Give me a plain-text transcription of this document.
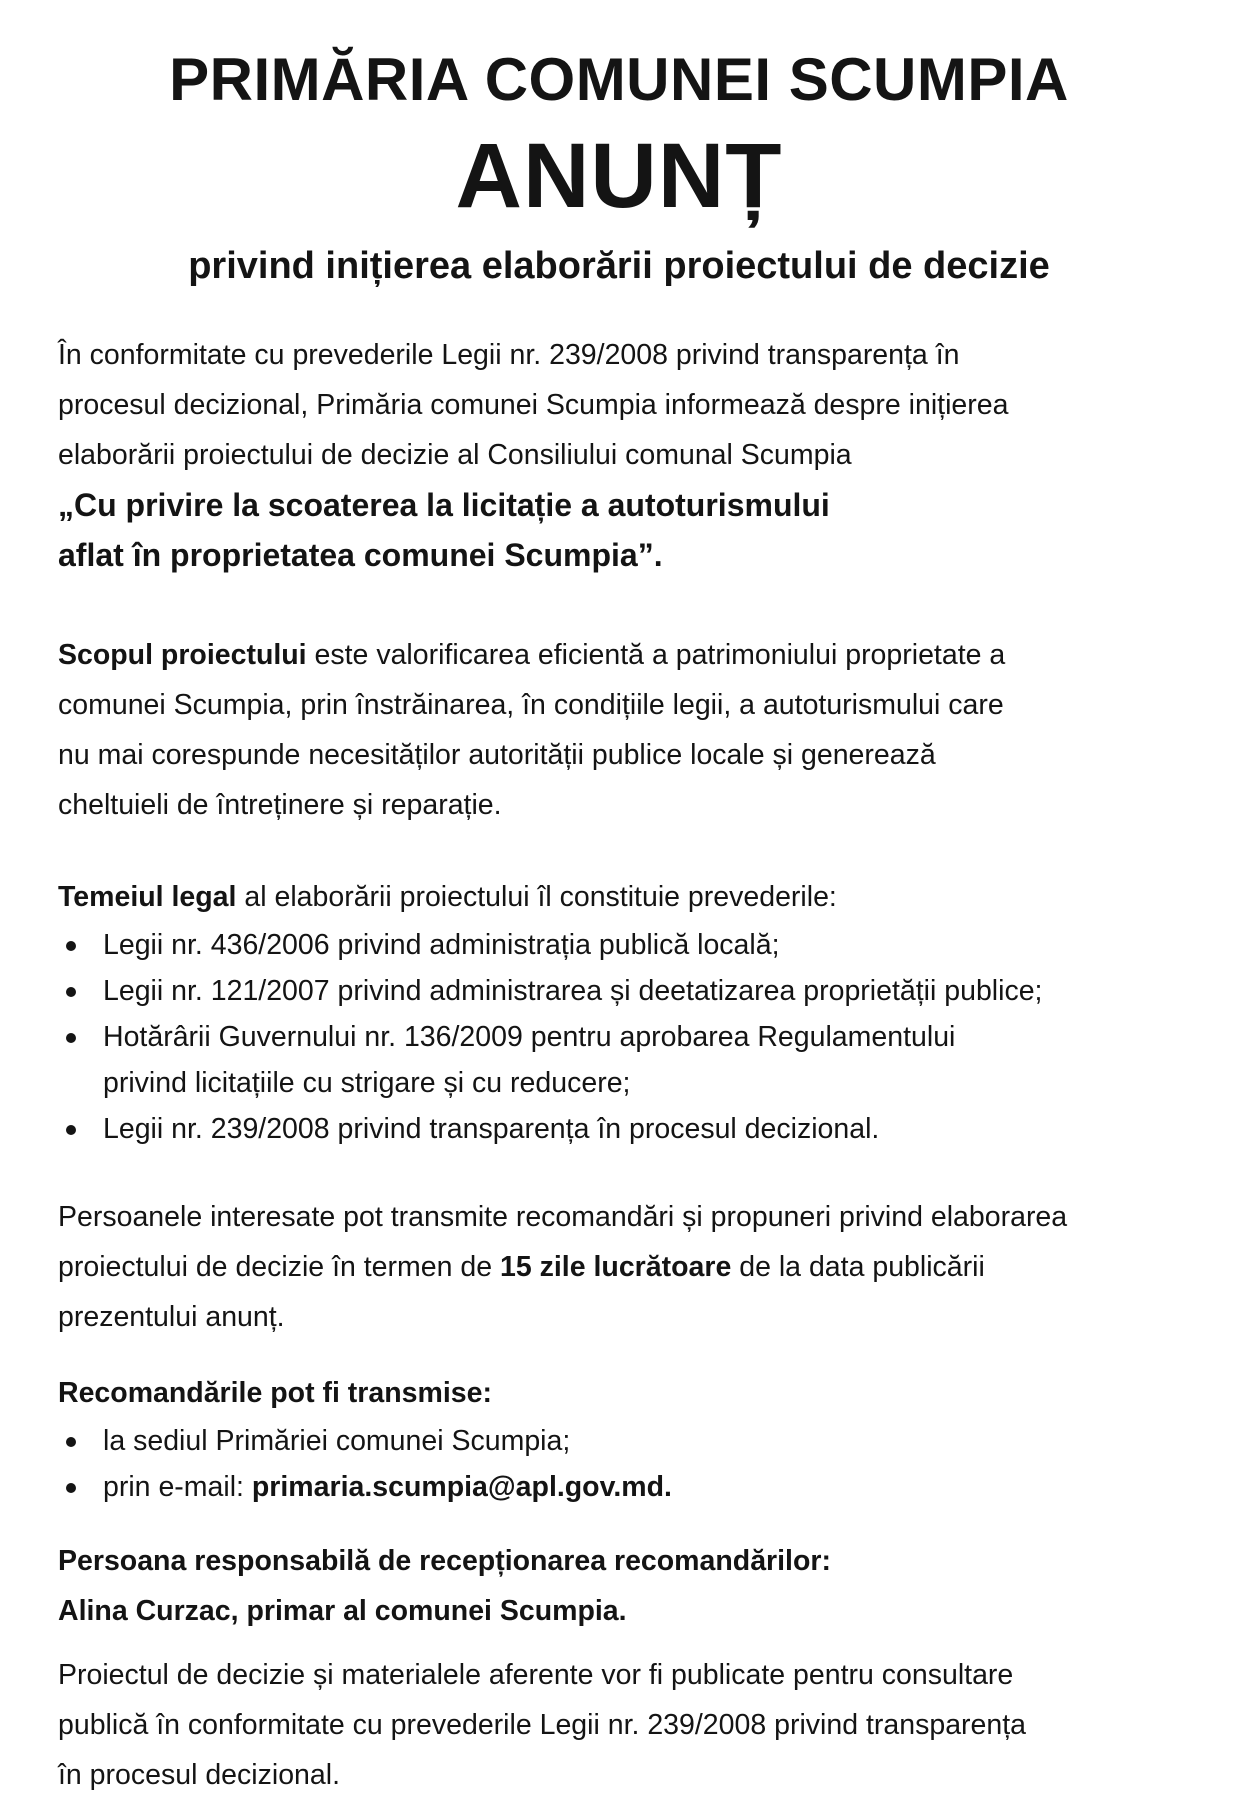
PRIMĂRIA COMUNEI SCUMPIA
ANUNȚ
privind inițierea elaborării proiectului de decizie
În conformitate cu prevederile Legii nr. 239/2008 privind transparența în
procesul decizional, Primăria comunei Scumpia informează despre inițierea
elaborării proiectului de decizie al Consiliului comunal Scumpia
„Cu privire la scoaterea la licitație a autoturismului
aflat în proprietatea comunei Scumpia”.
Scopul proiectului este valorificarea eficientă a patrimoniului proprietate a
comunei Scumpia, prin înstrăinarea, în condițiile legii, a autoturismului care
nu mai corespunde necesităților autorității publice locale și generează
cheltuieli de întreținere și reparație.
Temeiul legal al elaborării proiectului îl constituie prevederile:
Legii nr. 436/2006 privind administrația publică locală;
Legii nr. 121/2007 privind administrarea și deetatizarea proprietății publice;
Hotărârii Guvernului nr. 136/2009 pentru aprobarea Regulamentului
privind licitațiile cu strigare și cu reducere;
Legii nr. 239/2008 privind transparența în procesul decizional.
Persoanele interesate pot transmite recomandări și propuneri privind elaborarea
proiectului de decizie în termen de 15 zile lucrătoare de la data publicării
prezentului anunț.
Recomandările pot fi transmise:
la sediul Primăriei comunei Scumpia;
prin e-mail: primaria.scumpia@apl.gov.md.
Persoana responsabilă de recepționarea recomandărilor:
Alina Curzac, primar al comunei Scumpia.
Proiectul de decizie și materialele aferente vor fi publicate pentru consultare
publică în conformitate cu prevederile Legii nr. 239/2008 privind transparența
în procesul decizional.
